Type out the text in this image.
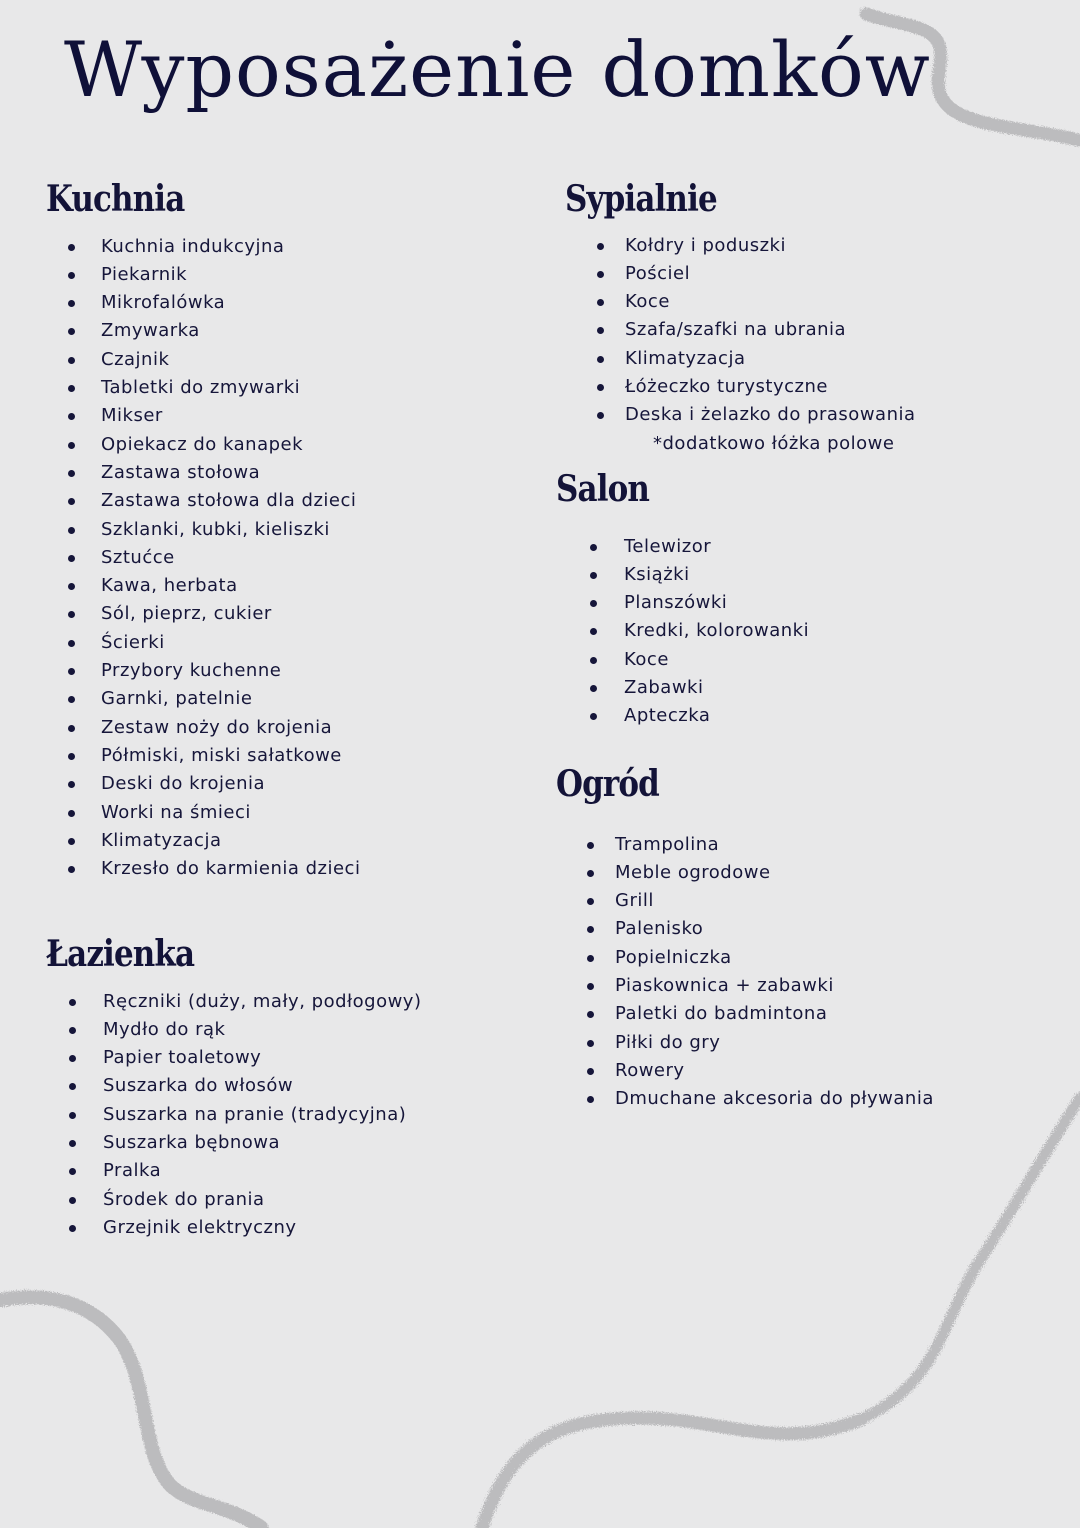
Wyposażenie domków
Kuchnia
Kuchnia indukcyjna
Piekarnik
Mikrofalówka
Zmywarka
Czajnik
Tabletki do zmywarki
Mikser
Opiekacz do kanapek
Zastawa stołowa
Zastawa stołowa dla dzieci
Szklanki, kubki, kieliszki
Sztućce
Kawa, herbata
Sól, pieprz, cukier
Ścierki
Przybory kuchenne
Garnki, patelnie
Zestaw noży do krojenia
Półmiski, miski sałatkowe
Deski do krojenia
Worki na śmieci
Klimatyzacja
Krzesło do karmienia dzieci
Łazienka
Ręczniki (duży, mały, podłogowy)
Mydło do rąk
Papier toaletowy
Suszarka do włosów
Suszarka na pranie (tradycyjna)
Suszarka bębnowa
Pralka
Środek do prania
Grzejnik elektryczny
Sypialnie
Kołdry i poduszki
Pościel
Koce
Szafa/szafki na ubrania
Klimatyzacja
Łóżeczko turystyczne
Deska i żelazko do prasowania
*dodatkowo łóżka polowe
Salon
Telewizor
Książki
Planszówki
Kredki, kolorowanki
Koce
Zabawki
Apteczka
Ogród
Trampolina
Meble ogrodowe
Grill
Palenisko
Popielniczka
Piaskownica + zabawki
Paletki do badmintona
Piłki do gry
Rowery
Dmuchane akcesoria do pływania
